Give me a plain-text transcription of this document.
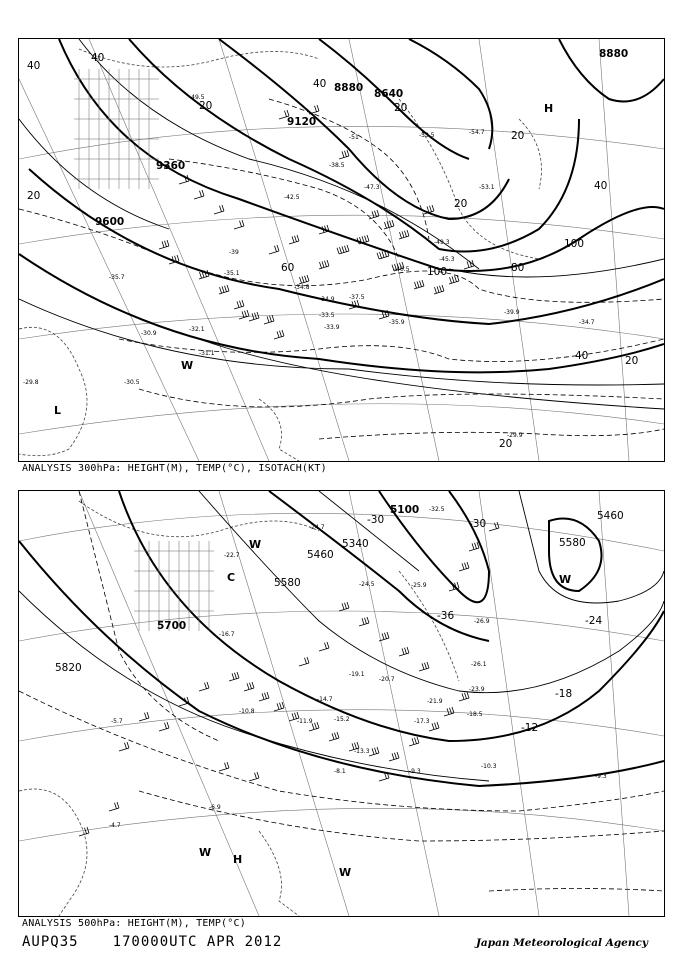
8640
8880
8880
9120
9360
9600
40
40
20
40
20
20
40
100
80
100
60
40	20
20
20
20
H
L
W
-49.5
-51	-53.5	-54.7
-47.3
-49.3
-45.3
-53.1
-40.5
-42.5
-38.5
-35.1
-35.7
-34.8
-34.9
-33.5
-33.9
-35.9
-32.1
-31.1
-30.9
-30.5
-37.5
-39.9
-34.7
-29.9
-29.8
-39
ANALYSIS 300hPa: HEIGHT(M), TEMP(°C), ISOTACH(KT)
5100
5340
5460
5460
5580
5580
5700
5820
-30	-30
-36	-24
-18
-12
C
W
W
W
H
W
-32.5
-24.5	-25.9
-26.9
-26.1
-23.9
-20.7
-19.1
-18.5
-17.3
-15.2
-13.3
-10.3
-9.3
-9.3
-8.1
-6.9
-5.7
-4.7
-21.9
-22.7
-24.7
-16.7
-14.7
-11.9
-10.8
ANALYSIS 500hPa: HEIGHT(M), TEMP(°C)
AUPQ35 170000UTC APR 2012	Japan Meteorological Agency
